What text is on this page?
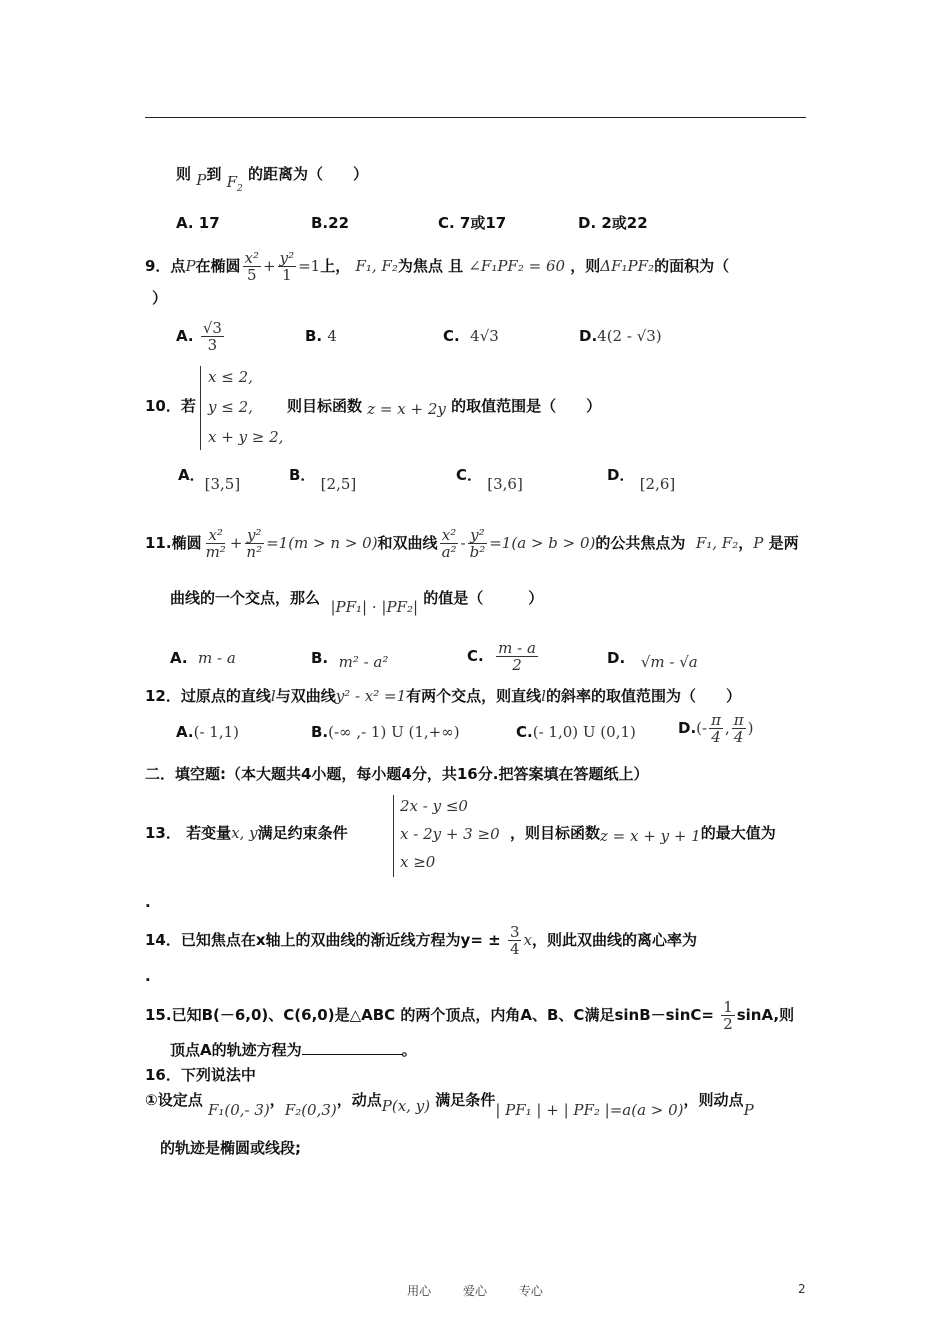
则 P到 $F_2$ 的距离为（　　）
A. 17	B.22	C. 7或17	D. 2或22
9．点P在椭圆 $\frac{\text{x²}}{5} + \frac{\text{y²}}{1} =1$上， F₁, F₂为焦点 且 ∠F₁PF₂ = 60 ，则ΔF₁PF₂的面积为（
）
A. $\frac{√3}{3}$	B. 4	C. 4√3	D.4(2 - √3)
10．若
x ≤ 2,
y ≤ 2,
x + y ≥ 2,
则目标函数 z = x + 2y 的取值范围是（　　）
A．[3,5]	B． [2,5]	C． [3,6]	D． [2,6]
11.椭圆 $\frac{\text{x²}}{\text{m²}} + \frac{\text{y²}}{\text{n²}} =1(m > n > 0)$和双曲线 $\frac{\text{x²}}{\text{a²}} - \frac{\text{y²}}{\text{b²}} =1(a > b > 0)$的公共焦点为 F₁, F₂，P 是两
曲线的一个交点，那么 |PF₁| · |PF₂| 的值是（　　　）
A. m - a	B. m² - a²	C. $\frac{m - a}{2}$	D. √m - √a
12．过原点的直线l与双曲线y² - x² =1有两个交点，则直线l的斜率的取值范围为（　　）
A.(- 1,1)	B.(-∞ ,- 1) U (1,+∞)	C.(- 1,0) U (0,1)	$D.(- \frac{\pi}{4}$ , $\frac{\pi}{4}$ )
二．填空题:（本大题共4小题，每小题4分，共16分.把答案填在答题纸上）
13． 若变量x, y满足约束条件
2x - y ≤0
x - 2y + 3 ≥0
x ≥0
，则目标函数z = x + y + 1的最大值为
.
14．已知焦点在x轴上的双曲线的渐近线方程为$y= \pm \frac{3}{4}$ x，则此双曲线的离心率为
.
15.已知B(－6,0)、C(6,0)是△ABC 的两个顶点，内角A、B、C满足$\sin B-\sin C= \frac{1}{2} \sin A$,则
顶点A的轨迹方程为	。
16．下列说法中
①设定点 F₁(0,- 3)，F₂(0,3)，动点P(x, y) 满足条件| PF₁ | + | PF₂ |=a(a > 0)，则动点P
的轨迹是椭圆或线段;
用心	爱心	专心	2
